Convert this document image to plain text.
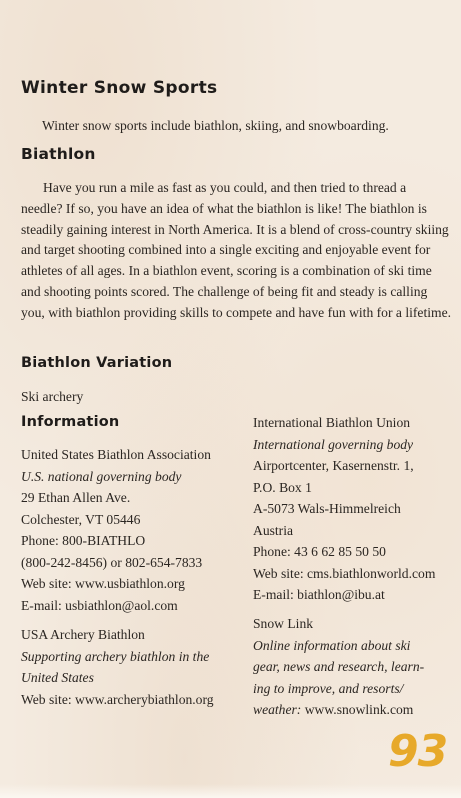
Winter Snow Sports
Winter snow sports include biathlon, skiing, and snowboarding.
Biathlon
Have you run a mile as fast as you could, and then tried to thread a needle? If so, you have an idea of what the biathlon is like! The biathlon is steadily gaining interest in North America. It is a blend of cross-country skiing and target shooting combined into a single exciting and enjoyable event for athletes of all ages. In a biathlon event, scoring is a combination of ski time and shooting points scored. The challenge of being fit and steady is calling you, with biathlon providing skills to compete and have fun with for a lifetime.
Biathlon Variation
Ski archery
Information
United States Biathlon Association
U.S. national governing body
29 Ethan Allen Ave.
Colchester, VT 05446
Phone: 800-BIATHLO
(800-242-8456) or 802-654-7833
Web site: www.usbiathlon.org
E-mail: usbiathlon@aol.com
USA Archery Biathlon
Supporting archery biathlon in the
United States
Web site: www.archerybiathlon.org
International Biathlon Union
International governing body
Airportcenter, Kasernenstr. 1,
P.O. Box 1
A-5073 Wals-Himmelreich
Austria
Phone: 43 6 62 85 50 50
Web site: cms.biathlonworld.com
E-mail: biathlon@ibu.at
Snow Link
Online information about ski
gear, news and research, learn-
ing to improve, and resorts/
weather: www.snowlink.com
93
